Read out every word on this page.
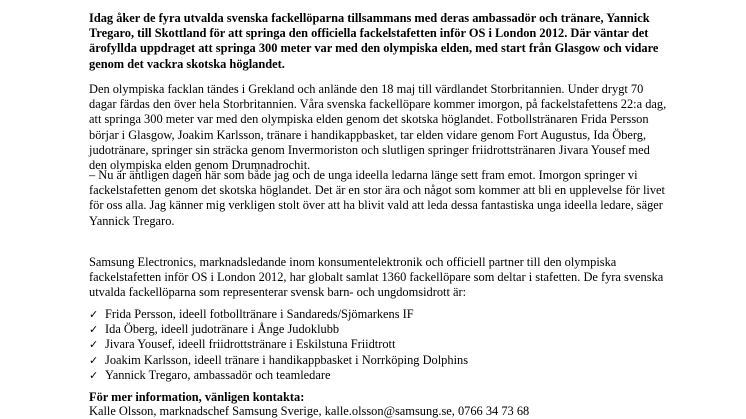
Idag åker de fyra utvalda svenska fackellöparna tillsammans med deras ambassadör och tränare, Yannick Tregaro, till Skottland för att springa den officiella fackelstafetten inför OS i London 2012. Där väntar det ärofyllda uppdraget att springa 300 meter var med den olympiska elden, med start från Glasgow och vidare genom det vackra skotska höglandet.
Den olympiska facklan tändes i Grekland och anlände den 18 maj till värdlandet Storbritannien. Under drygt 70 dagar färdas den över hela Storbritannien. Våra svenska fackellöpare kommer imorgon, på fackelstafettens 22:a dag, att springa 300 meter var med den olympiska elden genom det skotska höglandet. Fotbollstränaren Frida Persson börjar i Glasgow, Joakim Karlsson, tränare i handikappbasket, tar elden vidare genom Fort Augustus, Ida Öberg, judotränare, springer sin sträcka genom Invermoriston och slutligen springer friidrottstränaren Jivara Yousef med den olympiska elden genom Drumnadrochit.
– Nu är äntligen dagen här som både jag och de unga ideella ledarna länge sett fram emot. Imorgon springer vi fackelstafetten genom det skotska höglandet. Det är en stor ära och något som kommer att bli en upplevelse för livet för oss alla. Jag känner mig verkligen stolt över att ha blivit vald att leda dessa fantastiska unga ideella ledare, säger Yannick Tregaro.
Samsung Electronics, marknadsledande inom konsumentelektronik och officiell partner till den olympiska fackelstafetten inför OS i London 2012, har globalt samlat 1360 fackellöpare som deltar i stafetten. De fyra svenska utvalda fackellöparna som representerar svensk barn- och ungdomsidrott är:
✓ Frida Persson, ideell fotbolltränare i Sandareds/Sjömarkens IF
✓ Ida Öberg, ideell judotränare i Ånge Judoklubb
✓ Jivara Yousef, ideell friidrottstränare i Eskilstuna Friidtrott
✓ Joakim Karlsson, ideell tränare i handikappbasket i Norrköping Dolphins
✓ Yannick Tregaro, ambassadör och teamledare
För mer information, vänligen kontakta:
Kalle Olsson, marknadschef Samsung Sverige, kalle.olsson@samsung.se, 0766 34 73 68
